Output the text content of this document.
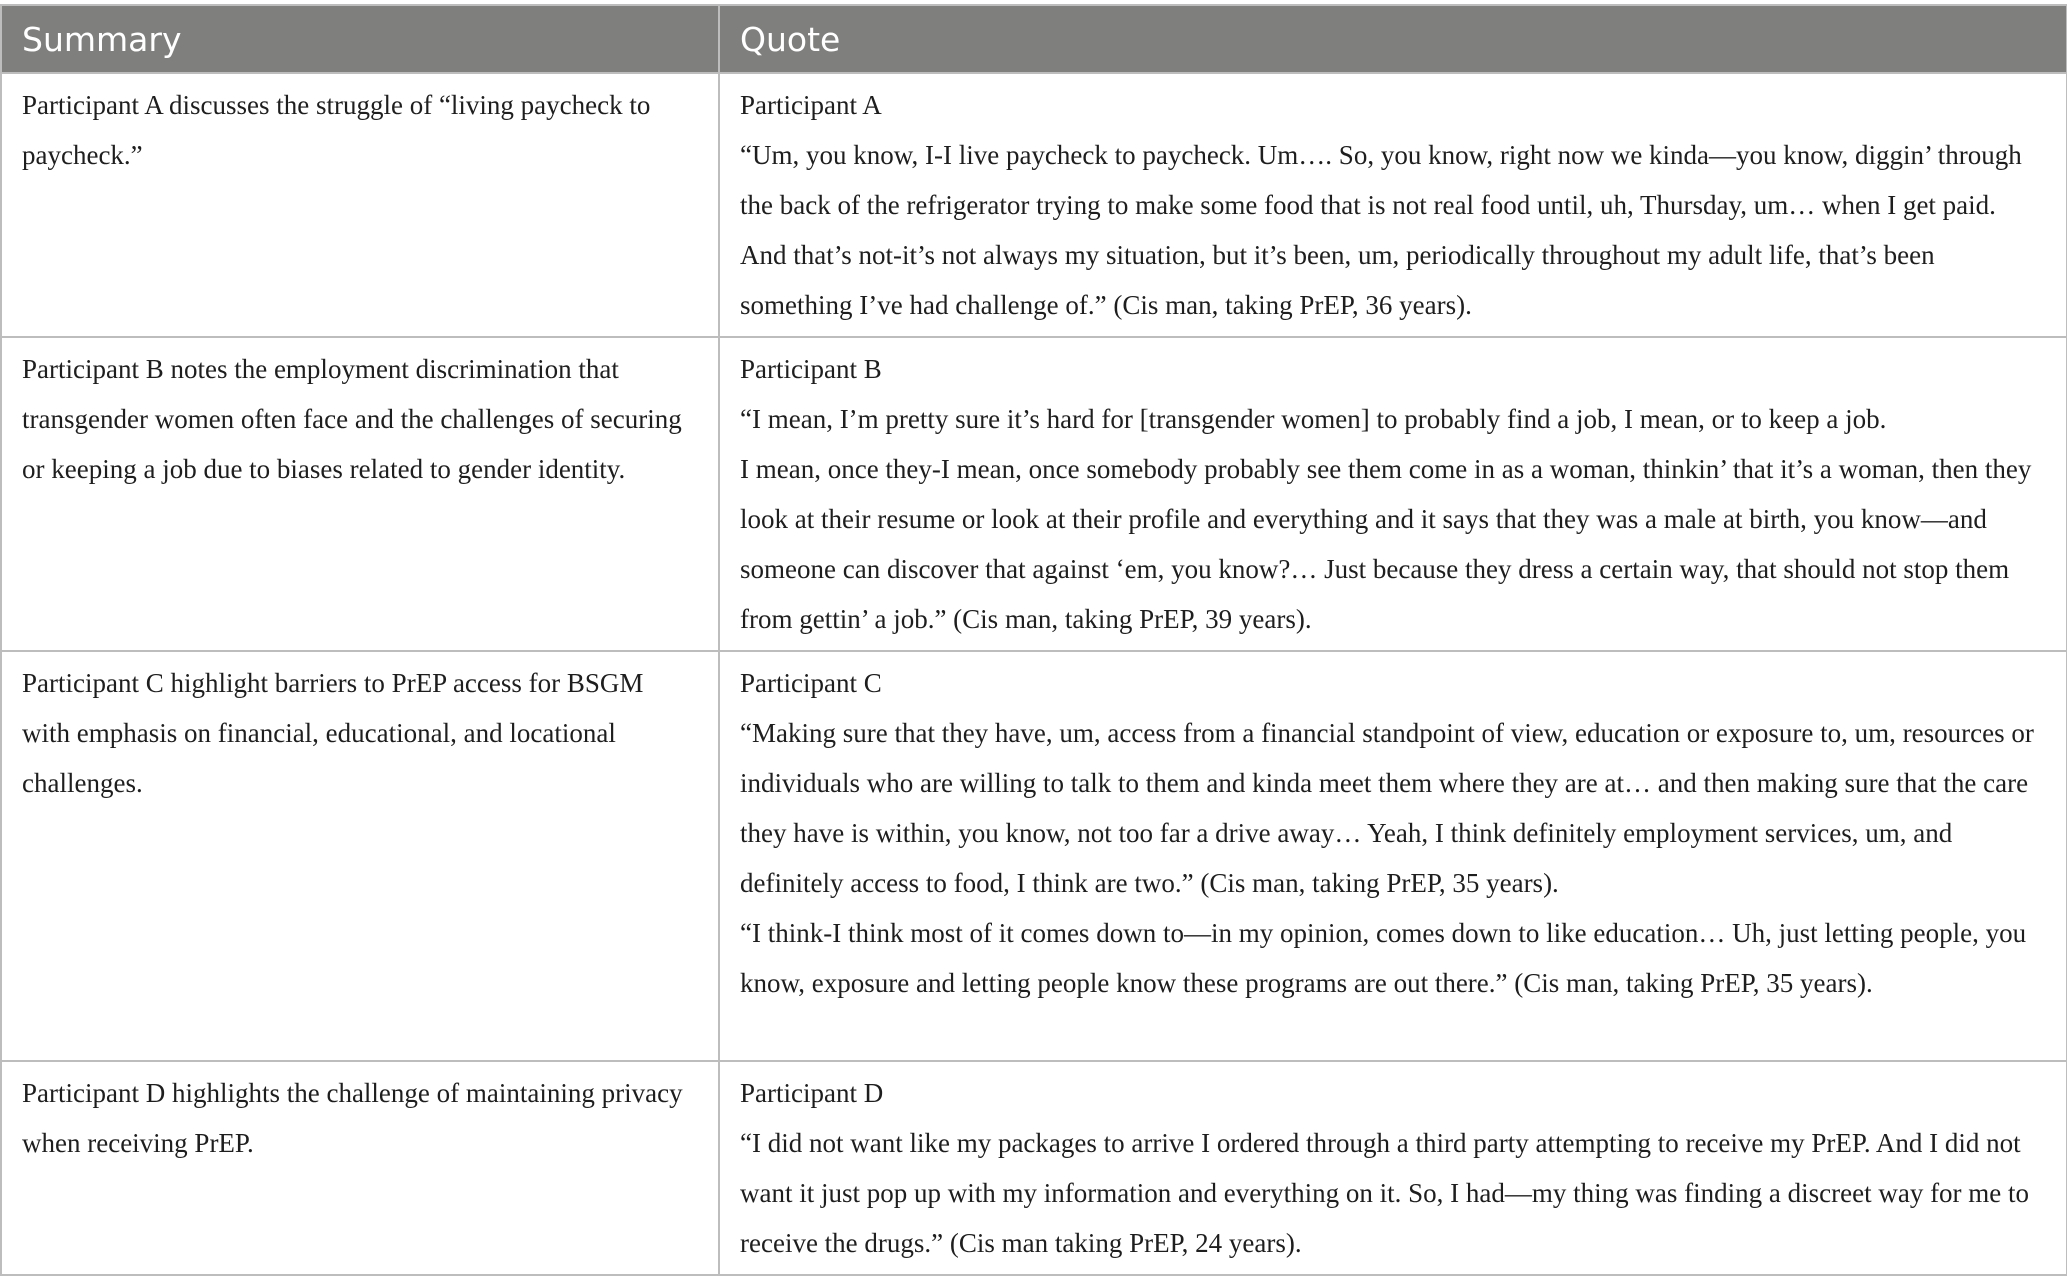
Summary	Quote
Participant A discusses the struggle of “living paycheck to paycheck.”	Participant A
“Um, you know, I-I live paycheck to paycheck. Um…. So, you know, right now we kinda—you know, diggin’ through the back of the refrigerator trying to make some food that is not real food until, uh, Thursday, um… when I get paid. And that’s not-it’s not always my situation, but it’s been, um, periodically throughout my adult life, that’s been something I’ve had challenge of.” (Cis man, taking PrEP, 36 years).

Participant B notes the employment discrimination that transgender women often face and the challenges of securing or keeping a job due to biases related to gender identity.	Participant B
“I mean, I’m pretty sure it’s hard for [transgender women] to probably find a job, I mean, or to keep a job.
I mean, once they-I mean, once somebody probably see them come in as a woman, thinkin’ that it’s a woman, then they look at their resume or look at their profile and everything and it says that they was a male at birth, you know—and someone can discover that against ‘em, you know?… Just because they dress a certain way, that should not stop them from gettin’ a job.” (Cis man, taking PrEP, 39 years).

Participant C highlight barriers to PrEP access for BSGM with emphasis on financial, educational, and locational challenges.	Participant C
“Making sure that they have, um, access from a financial standpoint of view, education or exposure to, um, resources or individuals who are willing to talk to them and kinda meet them where they are at… and then making sure that the care they have is within, you know, not too far a drive away… Yeah, I think definitely employment services, um, and definitely access to food, I think are two.” (Cis man, taking PrEP, 35 years).
“I think-I think most of it comes down to—in my opinion, comes down to like education… Uh, just letting people, you know, exposure and letting people know these programs are out there.” (Cis man, taking PrEP, 35 years).

Participant D highlights the challenge of maintaining privacy when receiving PrEP.	Participant D
“I did not want like my packages to arrive I ordered through a third party attempting to receive my PrEP. And I did not want it just pop up with my information and everything on it. So, I had—my thing was finding a discreet way for me to receive the drugs.” (Cis man taking PrEP, 24 years).
